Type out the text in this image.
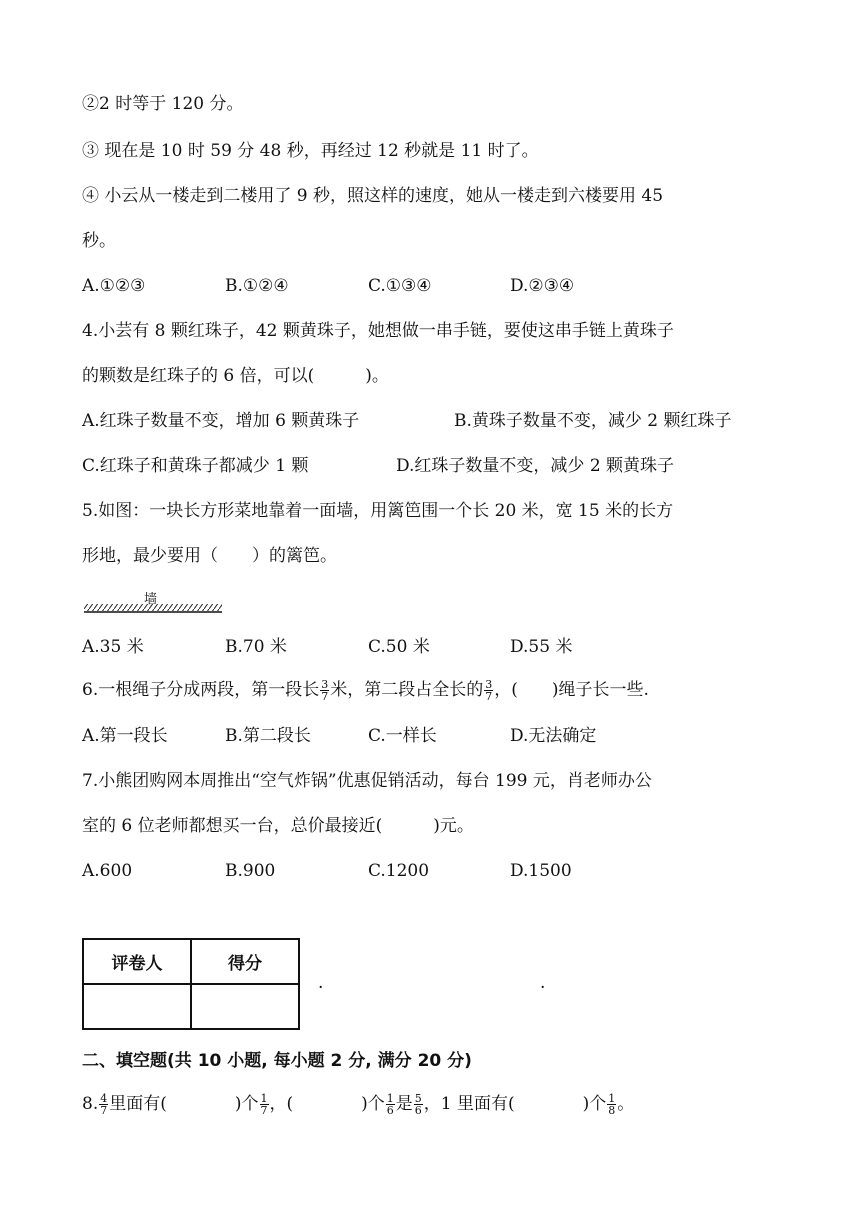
②2 时等于 120 分。
③ 现在是 10 时 59 分 48 秒，再经过 12 秒就是 11 时了。
④ 小云从一楼走到二楼用了 9 秒，照这样的速度，她从一楼走到六楼要用 45
秒。
A.①②③	B.①②④	C.①③④	D.②③④
4.小芸有 8 颗红珠子，42 颗黄珠子，她想做一串手链，要使这串手链上黄珠子
的颗数是红珠子的 6 倍，可以(　　　)。
A.红珠子数量不变，增加 6 颗黄珠子	B.黄珠子数量不变，减少 2 颗红珠子
C.红珠子和黄珠子都减少 1 颗	D.红珠子数量不变，减少 2 颗黄珠子
5.如图：一块长方形菜地靠着一面墙，用篱笆围一个长 20 米，宽 15 米的长方
形地，最少要用（　　）的篱笆。
墙
A.35 米	B.70 米	C.50 米	D.55 米
6.一根绳子分成两段，第一段长 $\frac{3}{7}$ 米，第二段占全长的 $\frac{3}{7}$ ，(　　)绳子长一些.
A.第一段长	B.第二段长	C.一样长	D.无法确定
7.小熊团购网本周推出“空气炸锅”优惠促销活动，每台 199 元，肖老师办公
室的 6 位老师都想买一台，总价最接近(　　　)元。
A.600	B.900	C.1200	D.1500
评卷人	得分

·	·
二、填空题(共 10 小题, 每小题 2 分, 满分 20 分)
8. $\frac{4}{7}$ 里面有(　　　　)个 $\frac{1}{7}$ ，(　　　　)个 $\frac{1}{6}$ 是 $\frac{5}{6}$ ，1 里面有(　　　　)个 $\frac{1}{8}$ 。
